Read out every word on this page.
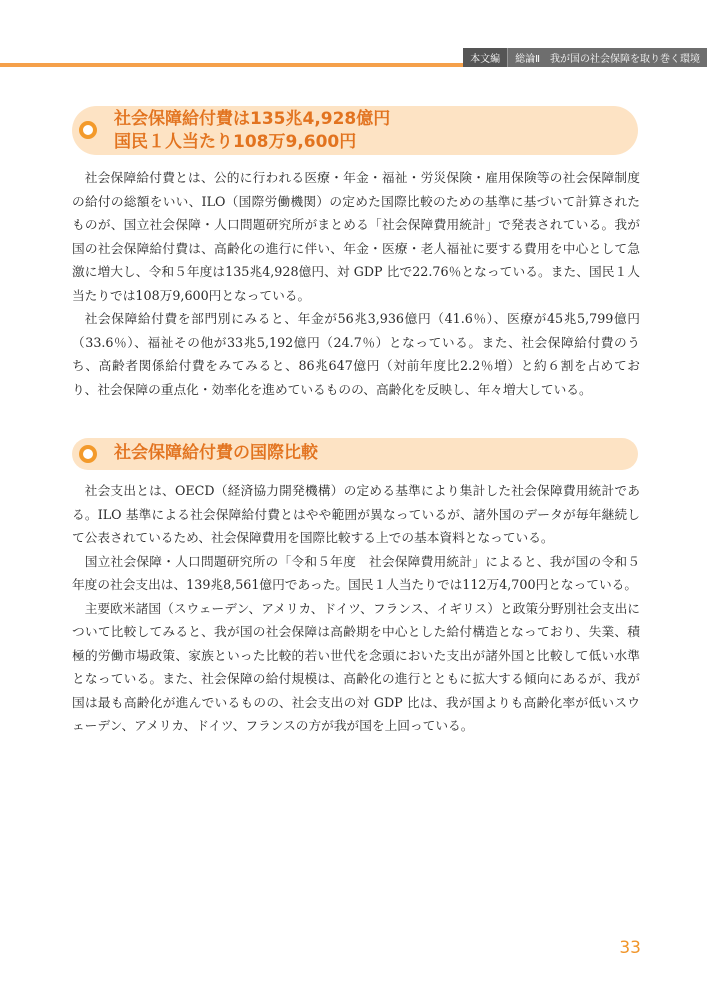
本文編	総論Ⅱ　我が国の社会保障を取り巻く環境
社会保障給付費は135兆4,928億円
国民１人当たり108万9,600円

社会保障給付費とは、公的に行われる医療・年金・福祉・労災保険・雇用保険等の社会保障制度の給付の総額をいい、ILO（国際労働機関）の定めた国際比較のための基準に基づいて計算されたものが、国立社会保障・人口問題研究所がまとめる「社会保障費用統計」で発表されている。我が国の社会保障給付費は、高齢化の進行に伴い、年金・医療・老人福祉に要する費用を中心として急激に増大し、令和５年度は135兆4,928億円、対 GDP 比で22.76％となっている。また、国民１人当たりでは108万9,600円となっている。

社会保障給付費を部門別にみると、年金が56兆3,936億円（41.6％）、医療が45兆5,799億円（33.6％）、福祉その他が33兆5,192億円（24.7％）となっている。また、社会保障給付費のうち、高齢者関係給付費をみてみると、86兆647億円（対前年度比2.2％増）と約６割を占めており、社会保障の重点化・効率化を進めているものの、高齢化を反映し、年々増大している。

社会保障給付費の国際比較

社会支出とは、OECD（経済協力開発機構）の定める基準により集計した社会保障費用統計である。ILO 基準による社会保障給付費とはやや範囲が異なっているが、諸外国のデータが毎年継続して公表されているため、社会保障費用を国際比較する上での基本資料となっている。

国立社会保障・人口問題研究所の「令和５年度　社会保障費用統計」によると、我が国の令和５年度の社会支出は、139兆8,561億円であった。国民１人当たりでは112万4,700円となっている。

主要欧米諸国（スウェーデン、アメリカ、ドイツ、フランス、イギリス）と政策分野別社会支出について比較してみると、我が国の社会保障は高齢期を中心とした給付構造となっており、失業、積極的労働市場政策、家族といった比較的若い世代を念頭においた支出が諸外国と比較して低い水準となっている。また、社会保障の給付規模は、高齢化の進行とともに拡大する傾向にあるが、我が国は最も高齢化が進んでいるものの、社会支出の対 GDP 比は、我が国よりも高齢化率が低いスウェーデン、アメリカ、ドイツ、フランスの方が我が国を上回っている。

33
